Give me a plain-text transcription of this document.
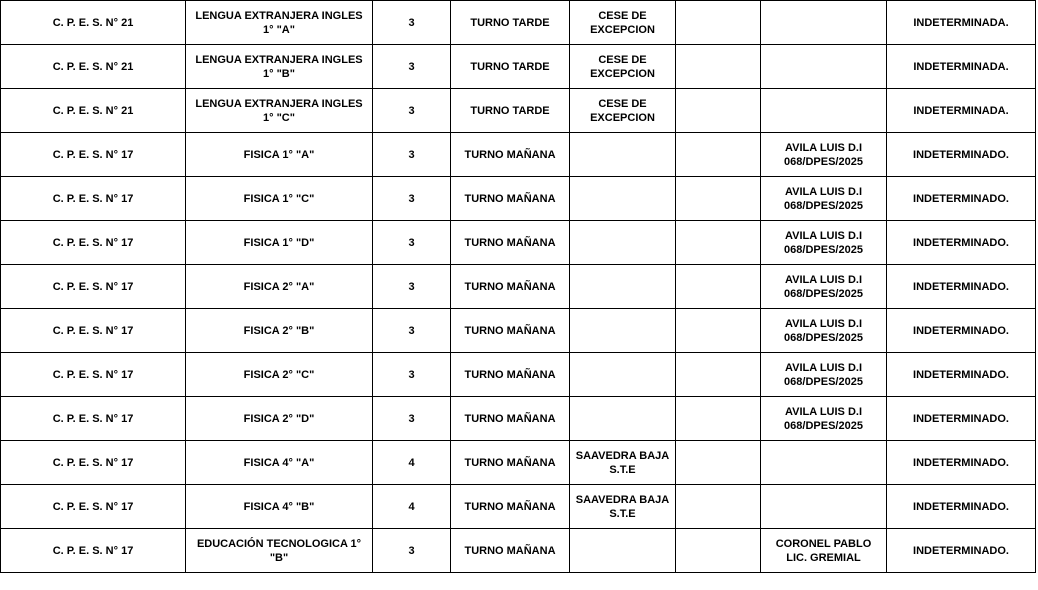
C. P. E. S. N° 21	LENGUA EXTRANJERA INGLES 1° "A"	3	TURNO TARDE	CESE DE EXCEPCION			INDETERMINADA.
C. P. E. S. N° 21	LENGUA EXTRANJERA INGLES 1° "B"	3	TURNO TARDE	CESE DE EXCEPCION			INDETERMINADA.
C. P. E. S. N° 21	LENGUA EXTRANJERA INGLES 1° "C"	3	TURNO TARDE	CESE DE EXCEPCION			INDETERMINADA.
C. P. E. S. N° 17	FISICA 1° "A"	3	TURNO MAÑANA			AVILA LUIS D.I 068/DPES/2025	INDETERMINADO.
C. P. E. S. N° 17	FISICA 1° "C"	3	TURNO MAÑANA			AVILA LUIS D.I 068/DPES/2025	INDETERMINADO.
C. P. E. S. N° 17	FISICA 1° "D"	3	TURNO MAÑANA			AVILA LUIS D.I 068/DPES/2025	INDETERMINADO.
C. P. E. S. N° 17	FISICA 2° "A"	3	TURNO MAÑANA			AVILA LUIS D.I 068/DPES/2025	INDETERMINADO.
C. P. E. S. N° 17	FISICA 2° "B"	3	TURNO MAÑANA			AVILA LUIS D.I 068/DPES/2025	INDETERMINADO.
C. P. E. S. N° 17	FISICA 2° "C"	3	TURNO MAÑANA			AVILA LUIS D.I 068/DPES/2025	INDETERMINADO.
C. P. E. S. N° 17	FISICA 2° "D"	3	TURNO MAÑANA			AVILA LUIS D.I 068/DPES/2025	INDETERMINADO.
C. P. E. S. N° 17	FISICA 4° "A"	4	TURNO MAÑANA	SAAVEDRA BAJA S.T.E			INDETERMINADO.
C. P. E. S. N° 17	FISICA 4° "B"	4	TURNO MAÑANA	SAAVEDRA BAJA S.T.E			INDETERMINADO.
C. P. E. S. N° 17	EDUCACIÓN TECNOLOGICA 1° "B"	3	TURNO MAÑANA			CORONEL PABLO LIC. GREMIAL	INDETERMINADO.
